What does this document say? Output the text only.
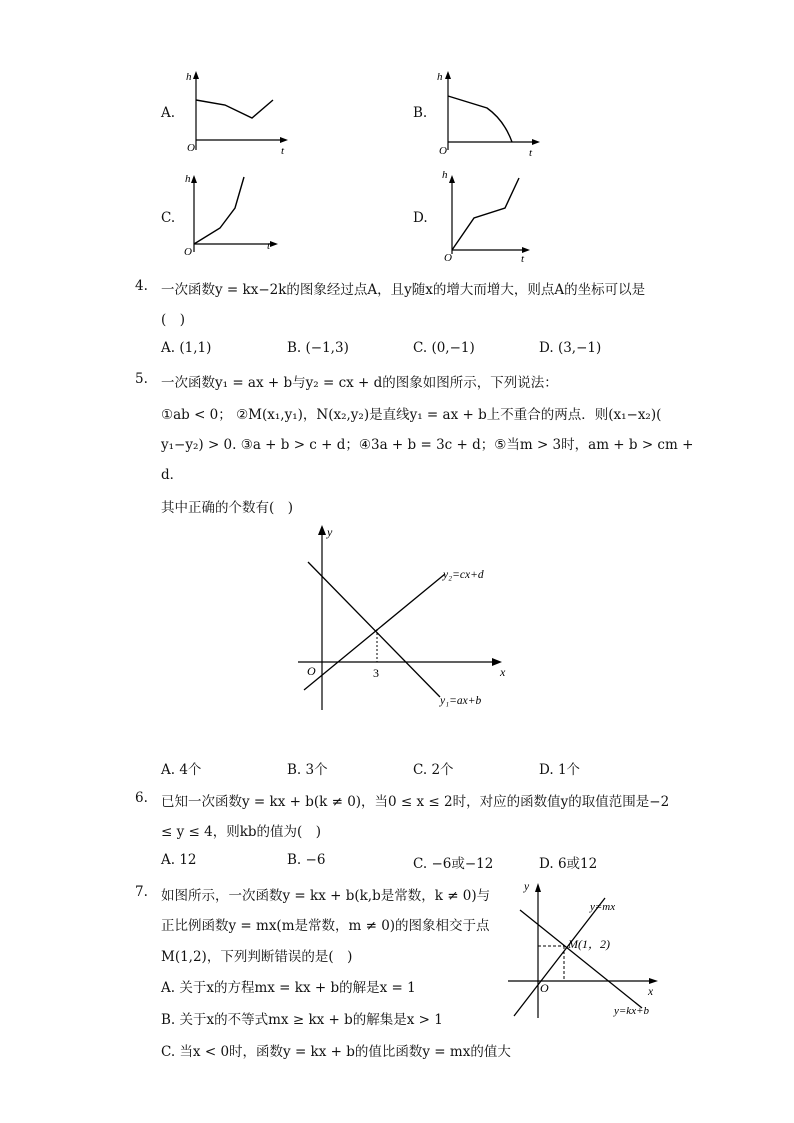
A.
h
O	t
B.
h
O	t
C.
h
O	t
D.
h
O	t
4. 一次函数y = kx−2k的图象经过点A，且y随x的增大而增大，则点A的坐标可以是
(　)
A. (1,1)	B. (−1,3)	C. (0,−1)	D. (3,−1)
5. 一次函数y₁ = ax + b与y₂ = cx + d的图象如图所示，下列说法：
①ab < 0； ②M(x₁,y₁)，N(x₂,y₂)是直线y₁ = ax + b上不重合的两点．则(x₁−x₂)(
y₁−y₂) > 0. ③a + b > c + d；④3a + b = 3c + d；⑤当m > 3时，am + b > cm +
d．
其中正确的个数有(　)
y
x
O	3
y₂=cx+d
y₁=ax+b
A. 4个	B. 3个	C. 2个	D. 1个
6. 已知一次函数y = kx + b(k ≠ 0)，当0 ≤ x ≤ 2时，对应的函数值y的取值范围是−2
≤ y ≤ 4，则kb的值为(　)
A. 12	B. −6	C. −6或−12	D. 6或12
7. 如图所示，一次函数y = kx + b(k,b是常数，k ≠ 0)与
正比例函数y = mx(m是常数，m ≠ 0)的图象相交于点
M(1,2)，下列判断错误的是(　)
A. 关于x的方程mx = kx + b的解是x = 1
B. 关于x的不等式mx ≥ kx + b的解集是x > 1
C. 当x < 0时，函数y = kx + b的值比函数y = mx的值大
y
x
O
M(1，2)
y=mx
y=kx+b
